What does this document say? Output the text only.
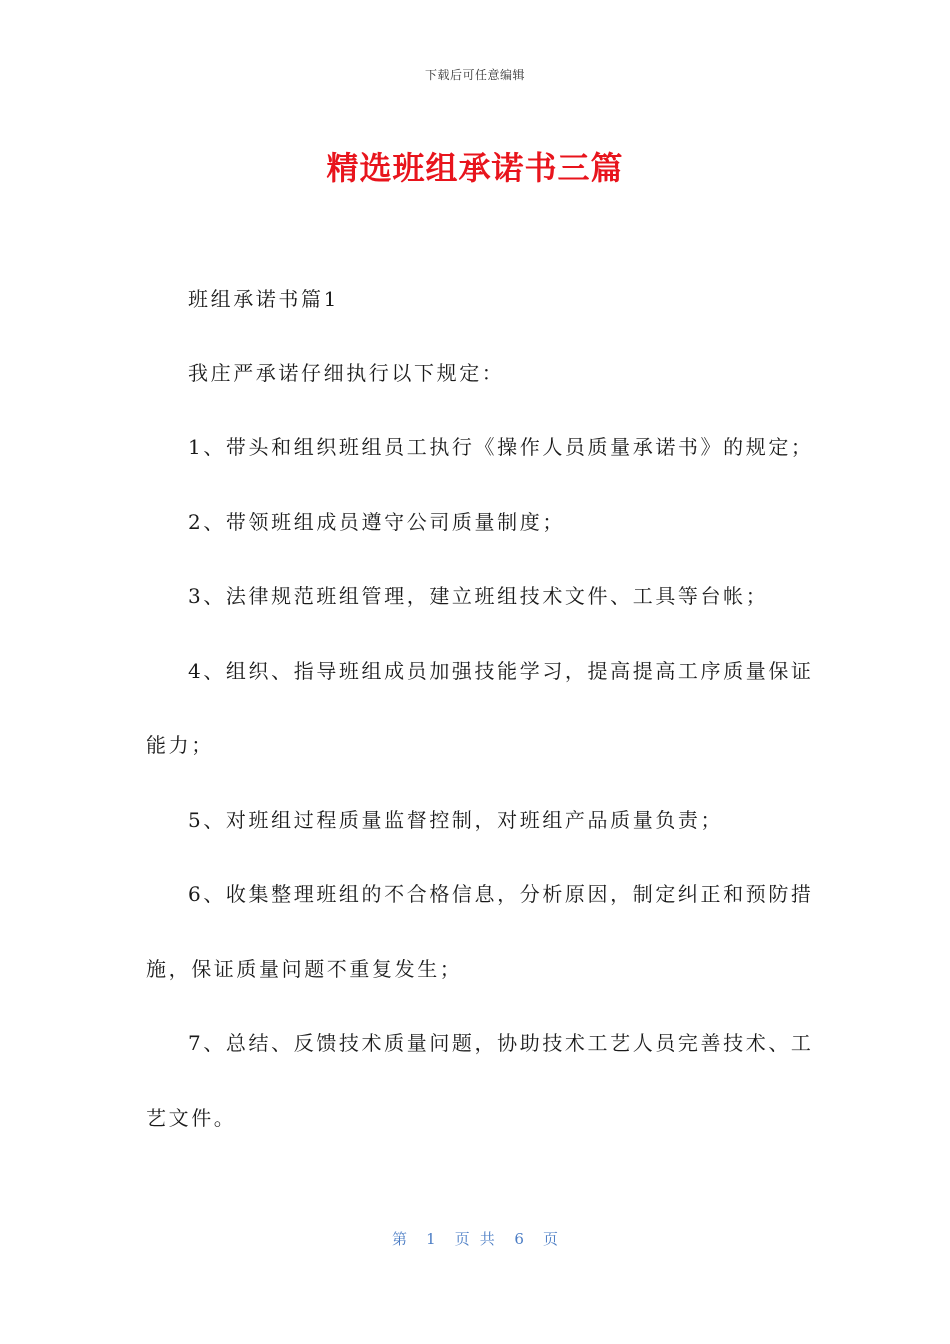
下载后可任意编辑
精选班组承诺书三篇
班组承诺书篇1
我庄严承诺仔细执行以下规定：
1、带头和组织班组员工执行《操作人员质量承诺书》的规定；
2、带领班组成员遵守公司质量制度；
3、法律规范班组管理，建立班组技术文件、工具等台帐；
4、组织、指导班组成员加强技能学习，提高提高工序质量保证
能力；
5、对班组过程质量监督控制，对班组产品质量负责；
6、收集整理班组的不合格信息，分析原因，制定纠正和预防措
施，保证质量问题不重复发生；
7、总结、反馈技术质量问题，协助技术工艺人员完善技术、工
艺文件。
第 1 页共 6 页
